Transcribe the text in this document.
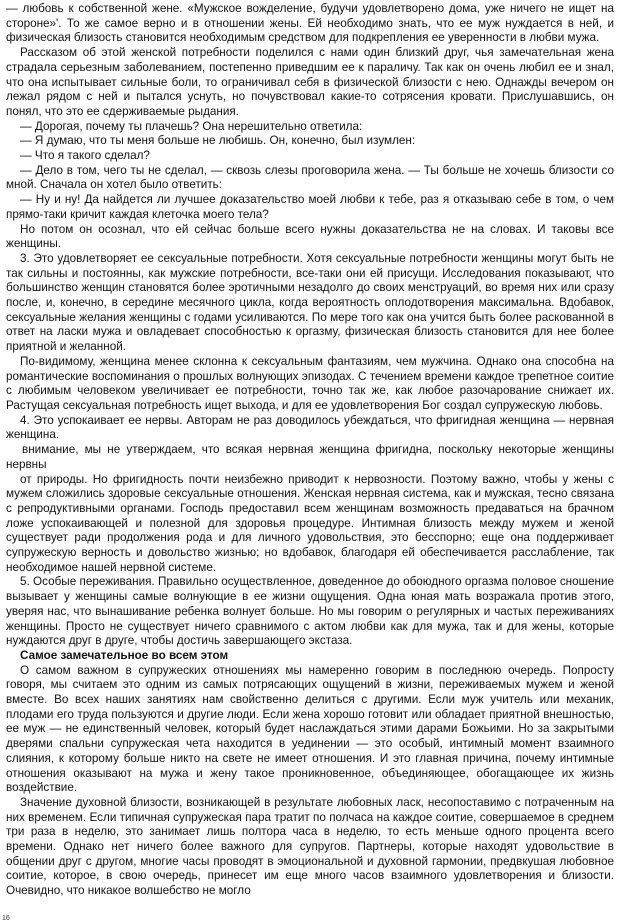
— любовь к собственной жене. «Мужское вожделение, будучи удовлетворено дома, уже ничего не ищет на стороне»'. То же самое верно и в отношении жены. Ей необходимо знать, что ее муж нуждается в ней, и физическая близость становится необходимым средством для подкрепления ее уверенности в любви мужа.

Рассказом об этой женской потребности поделился с нами один близкий друг, чья замечательная жена страдала серьезным заболеванием, постепенно приведшим ее к параличу. Так как он очень любил ее и знал, что она испытывает сильные боли, то ограничивал себя в физической близости с нею. Однажды вечером он лежал рядом с ней и пытался уснуть, но почувствовал какие-то сотрясения кровати. Прислушавшись, он понял, что это ее сдерживаемые рыдания.

— Дорогая, почему ты плачешь? Она нерешительно ответила:

— Я думаю, что ты меня больше не любишь. Он, конечно, был изумлен:

— Что я такого сделал?

— Дело в том, чего ты не сделал, — сквозь слезы проговорила жена. — Ты больше не хочешь близости со мной. Сначала он хотел было ответить:

— Ну и ну! Да найдется ли лучшее доказательство моей любви к тебе, раз я отказываю себе в том, о чем прямо-таки кричит каждая клеточка моего тела?

Но потом он осознал, что ей сейчас больше всего нужны доказательства не на словах. И таковы все женщины.

3. Это удовлетворяет ее сексуальные потребности. Хотя сексуальные потребности женщины могут быть не так сильны и постоянны, как мужские потребности, все-таки они ей присущи. Исследования показывают, что большинство женщин становятся более эротичными незадолго до своих менструаций, во время них или сразу после, и, конечно, в середине месячного цикла, когда вероятность оплодотворения максимальна. Вдобавок, сексуальные желания женщины с годами усиливаются. По мере того как она учится быть более раскованной в ответ на ласки мужа и овладевает способностью к оргазму, физическая близость становится для нее более приятной и желанной.

По-видимому, женщина менее склонна к сексуальным фантазиям, чем мужчина. Однако она способна на романтические воспоминания о прошлых волнующих эпизодах. С течением времени каждое трепетное соитие с любимым человеком увеличивает ее потребности, точно так же, как любое разочарование снижает их. Растущая сексуальная потребность ищет выхода, и для ее удовлетворения Бог создал супружескую любовь.

4. Это успокаивает ее нервы. Авторам не раз доводилось убеждаться, что фригидная женщина — нервная женщина.

внимание, мы не утверждаем, что всякая нервная женщина фригидна, поскольку некоторые женщины нервны

от природы. Но фригидность почти неизбежно приводит к нервозности. Поэтому важно, чтобы у жены с мужем сложились здоровые сексуальные отношения. Женская нервная система, как и мужская, тесно связана с репродуктивными органами. Господь предоставил всем женщинам возможность предаваться на брачном ложе успокаивающей и полезной для здоровья процедуре. Интимная близость между мужем и женой существует ради продолжения рода и для личного удовольствия, это бесспорно; еще она поддерживает супружескую верность и довольство жизнью; но вдобавок, благодаря ей обеспечивается расслабление, так необходимое нашей нервной системе.

5. Особые переживания. Правильно осуществленное, доведенное до обоюдного оргазма половое сношение вызывает у женщины самые волнующие в ее жизни ощущения. Одна юная мать возражала против этого, уверяя нас, что вынашивание ребенка волнует больше. Но мы говорим о регулярных и частых переживаниях женщины. Просто не существует ничего сравнимого с актом любви как для мужа, так и для жены, которые нуждаются друг в друге, чтобы достичь завершающего экстаза.

Самое замечательное во всем этом

О самом важном в супружеских отношениях мы намеренно говорим в последнюю очередь. Попросту говоря, мы считаем это одним из самых потрясающих ощущений в жизни, переживаемых мужем и женой вместе. Во всех наших занятиях нам свойственно делиться с другими. Если муж учитель или механик, плодами его труда пользуются и другие люди. Если жена хорошо готовит или обладает приятной внешностью, ее муж — не единственный человек, который будет наслаждаться этими дарами Божьими. Но за закрытыми дверями спальни супружеская чета находится в уединении — это особый, интимный момент взаимного слияния, к которому больше никто на свете не имеет отношения. И это главная причина, почему интимные отношения оказывают на мужа и жену такое проникновенное, объединяющее, обогащающее их жизнь воздействие.

Значение духовной близости, возникающей в результате любовных ласк, несопоставимо с потраченным на них временем. Если типичная супружеская пара тратит по полчаса на каждое соитие, совершаемое в среднем три раза в неделю, это занимает лишь полтора часа в неделю, то есть меньше одного процента всего времени. Однако нет ничего более важного для супругов. Партнеры, которые находят удовольствие в общении друг с другом, многие часы проводят в эмоциональной и духовной гармонии, предвкушая любовное соитие, которое, в свою очередь, принесет им еще много часов взаимного удовлетворения и близости. Очевидно, что никакое волшебство не могло

16
